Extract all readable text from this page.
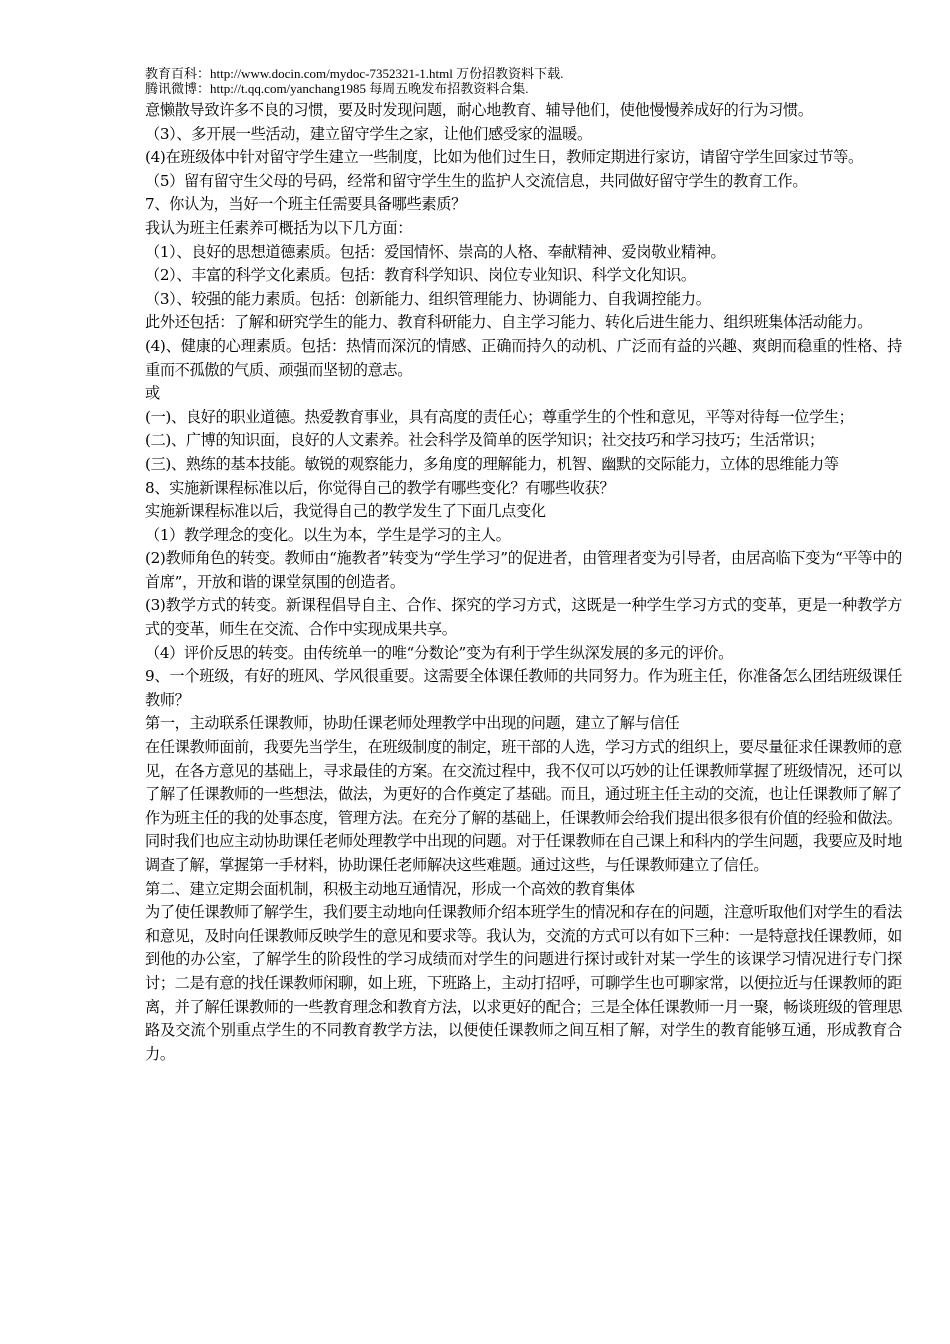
教育百科：http://www.docin.com/mydoc-7352321-1.html 万份招教资料下载.
腾讯微博：http://t.qq.com/yanchang1985 每周五晚发布招教资料合集.

意懒散导致许多不良的习惯，要及时发现问题，耐心地教育、辅导他们，使他慢慢养成好的行为习惯。

（3）、多开展一些活动，建立留守学生之家，让他们感受家的温暖。

(4)在班级体中针对留守学生建立一些制度，比如为他们过生日，教师定期进行家访，请留守学生回家过节等。

（5）留有留守生父母的号码，经常和留守学生生的监护人交流信息，共同做好留守学生的教育工作。

7、你认为，当好一个班主任需要具备哪些素质？

我认为班主任素养可概括为以下几方面：

（1）、良好的思想道德素质。包括：爱国情怀、崇高的人格、奉献精神、爱岗敬业精神。

（2）、丰富的科学文化素质。包括：教育科学知识、岗位专业知识、科学文化知识。

（3）、较强的能力素质。包括：创新能力、组织管理能力、协调能力、自我调控能力。

此外还包括：了解和研究学生的能力、教育科研能力、自主学习能力、转化后进生能力、组织班集体活动能力。

(4)、健康的心理素质。包括：热情而深沉的情感、正确而持久的动机、广泛而有益的兴趣、爽朗而稳重的性格、持重而不孤傲的气质、顽强而坚韧的意志。

或

(一)、良好的职业道德。热爱教育事业，具有高度的责任心；尊重学生的个性和意见，平等对待每一位学生；

(二)、广博的知识面，良好的人文素养。社会科学及简单的医学知识；社交技巧和学习技巧；生活常识；

(三)、熟练的基本技能。敏锐的观察能力，多角度的理解能力，机智、幽默的交际能力，立体的思维能力等

8、实施新课程标准以后，你觉得自己的教学有哪些变化？有哪些收获？

实施新课程标准以后，我觉得自己的教学发生了下面几点变化

（1）教学理念的变化。以生为本，学生是学习的主人。

(2)教师角色的转变。教师由“施教者”转变为“学生学习”的促进者，由管理者变为引导者，由居高临下变为“平等中的首席”，开放和谐的课堂氛围的创造者。

(3)教学方式的转变。新课程倡导自主、合作、探究的学习方式，这既是一种学生学习方式的变革，更是一种教学方式的变革，师生在交流、合作中实现成果共享。

（4）评价反思的转变。由传统单一的唯“分数论”变为有利于学生纵深发展的多元的评价。

9、一个班级，有好的班风、学风很重要。这需要全体课任教师的共同努力。作为班主任，你准备怎么团结班级课任教师？

第一，主动联系任课教师，协助任课老师处理教学中出现的问题，建立了解与信任

在任课教师面前，我要先当学生，在班级制度的制定，班干部的人选，学习方式的组织上，要尽量征求任课教师的意见，在各方意见的基础上，寻求最佳的方案。在交流过程中，我不仅可以巧妙的让任课教师掌握了班级情况，还可以了解了任课教师的一些想法，做法，为更好的合作奠定了基础。而且，通过班主任主动的交流，也让任课教师了解了作为班主任的我的处事态度，管理方法。在充分了解的基础上，任课教师会给我们提出很多很有价值的经验和做法。

同时我们也应主动协助课任老师处理教学中出现的问题。对于任课教师在自己课上和科内的学生问题，我要应及时地调查了解，掌握第一手材料，协助课任老师解决这些难题。通过这些，与任课教师建立了信任。

第二、建立定期会面机制，积极主动地互通情况，形成一个高效的教育集体

为了使任课教师了解学生，我们要主动地向任课教师介绍本班学生的情况和存在的问题，注意听取他们对学生的看法和意见，及时向任课教师反映学生的意见和要求等。我认为，交流的方式可以有如下三种：一是特意找任课教师，如到他的办公室，了解学生的阶段性的学习成绩而对学生的问题进行探讨或针对某一学生的该课学习情况进行专门探讨；二是有意的找任课教师闲聊，如上班，下班路上，主动打招呼，可聊学生也可聊家常，以便拉近与任课教师的距离，并了解任课教师的一些教育理念和教育方法，以求更好的配合；三是全体任课教师一月一聚，畅谈班级的管理思路及交流个别重点学生的不同教育教学方法，以便使任课教师之间互相了解，对学生的教育能够互通，形成教育合力。
